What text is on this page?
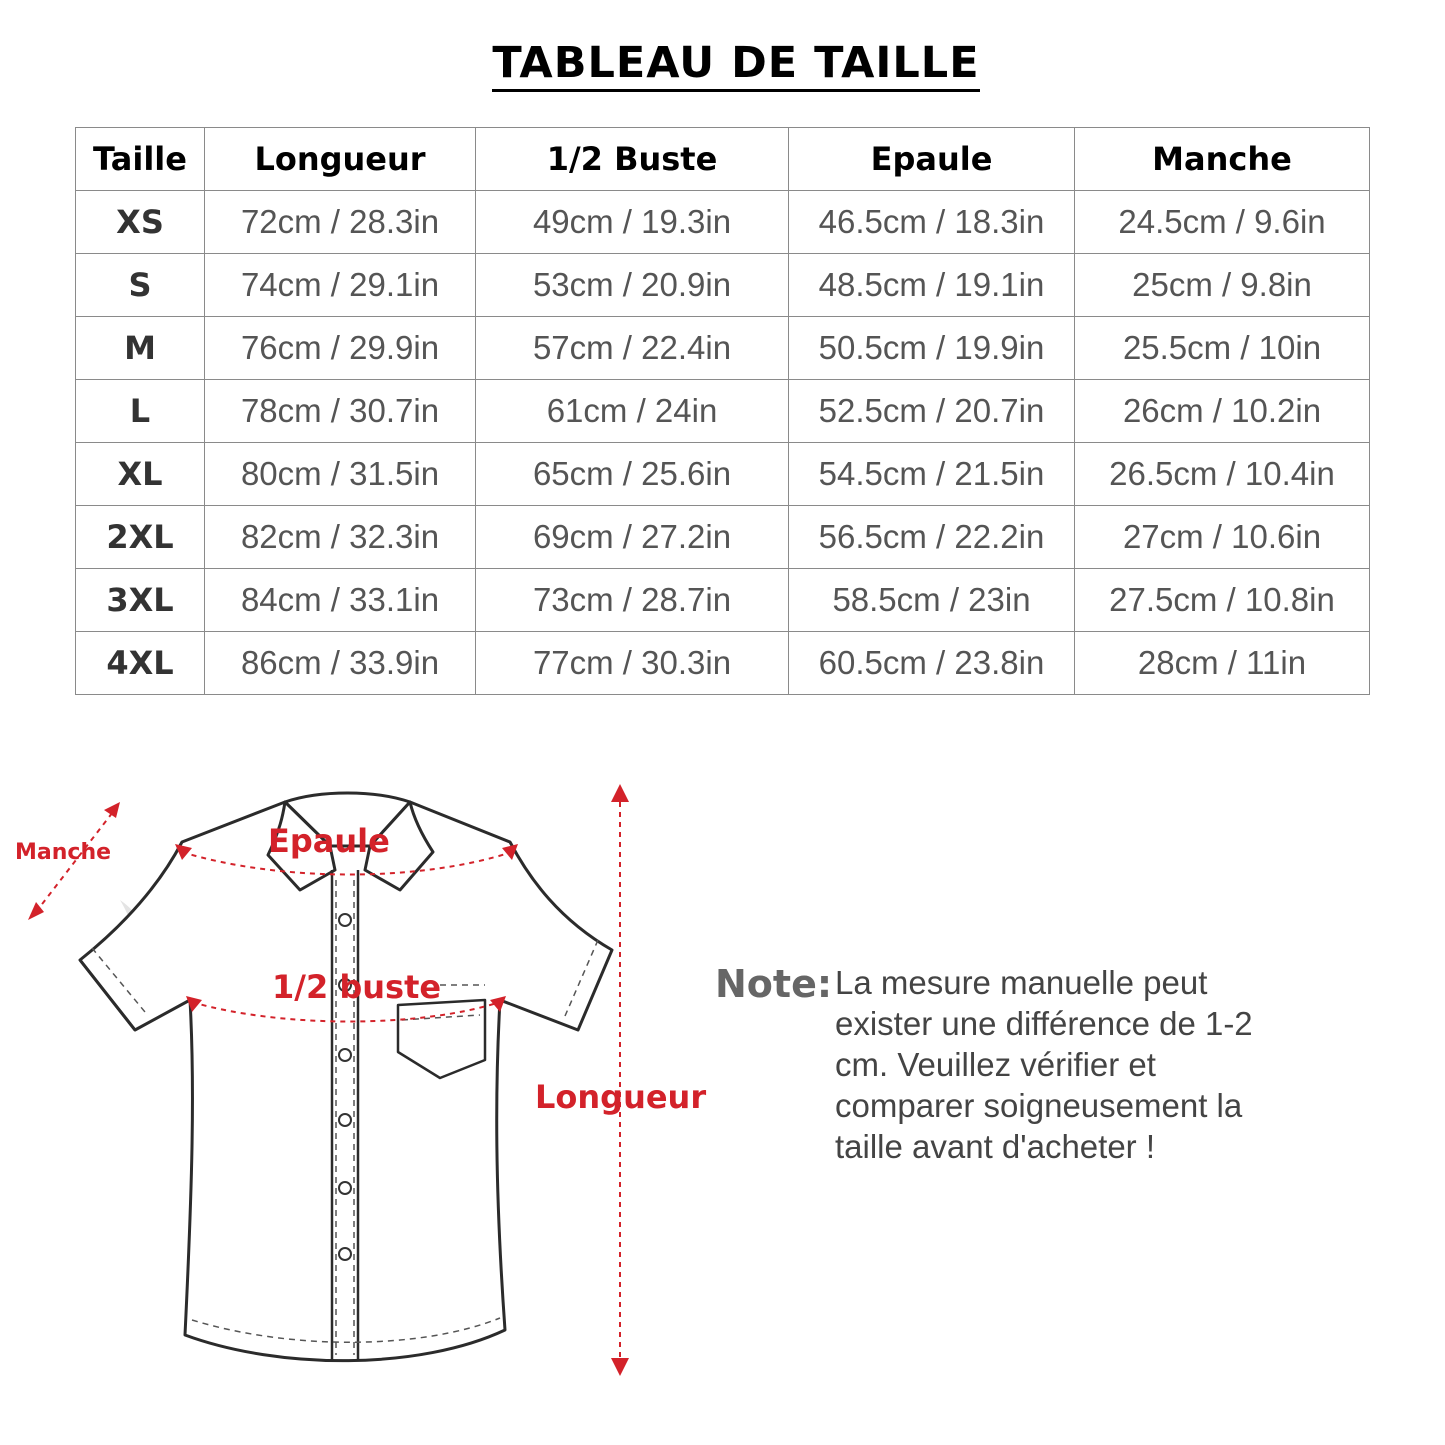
TABLEAU DE TAILLE
Taille	Longueur	1/2 Buste	Epaule	Manche
XS	72cm / 28.3in	49cm / 19.3in	46.5cm / 18.3in	24.5cm / 9.6in
S	74cm / 29.1in	53cm / 20.9in	48.5cm / 19.1in	25cm / 9.8in
M	76cm / 29.9in	57cm / 22.4in	50.5cm / 19.9in	25.5cm / 10in
L	78cm / 30.7in	61cm / 24in	52.5cm / 20.7in	26cm / 10.2in
XL	80cm / 31.5in	65cm / 25.6in	54.5cm / 21.5in	26.5cm / 10.4in
2XL	82cm / 32.3in	69cm / 27.2in	56.5cm / 22.2in	27cm / 10.6in
3XL	84cm / 33.1in	73cm / 28.7in	58.5cm / 23in	27.5cm / 10.8in
4XL	86cm / 33.9in	77cm / 30.3in	60.5cm / 23.8in	28cm / 11in
Manche	Epaule
1/2 buste
Longueur
Note: La mesure manuelle peut
exister une différence de 1-2
cm. Veuillez vérifier et
comparer soigneusement la
taille avant d'acheter !
